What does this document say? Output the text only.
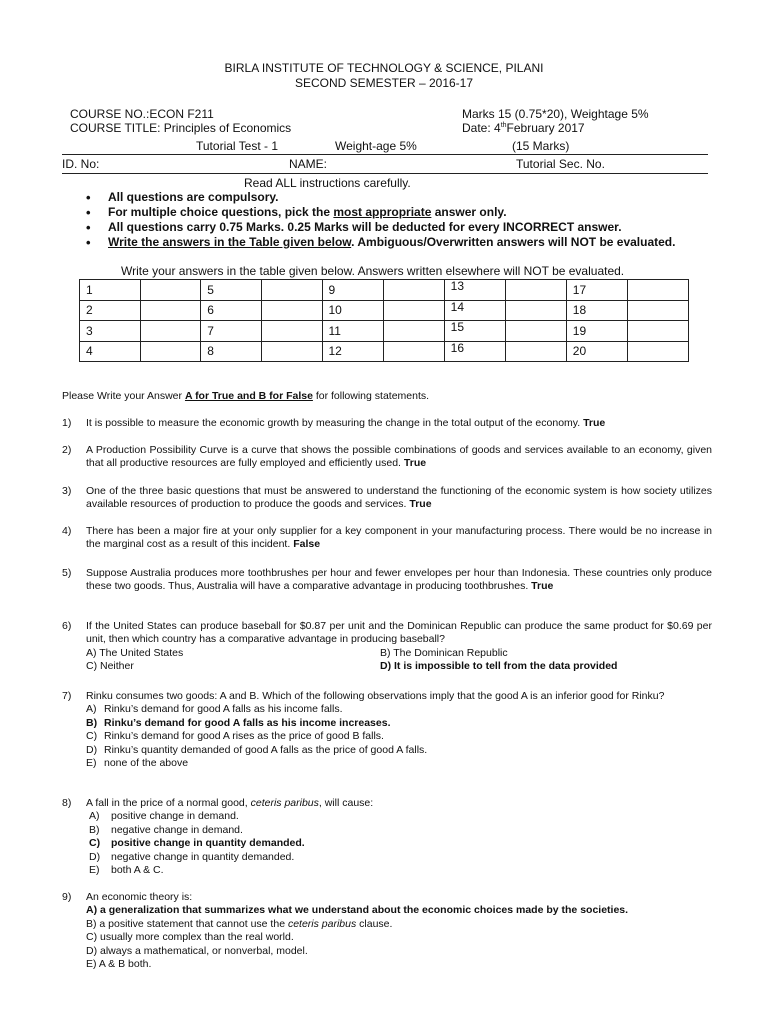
BIRLA INSTITUTE OF TECHNOLOGY & SCIENCE, PILANI
SECOND SEMESTER – 2016-17
COURSE NO.:ECON F211
COURSE TITLE: Principles of Economics
Marks 15 (0.75*20), Weightage 5%
Date: 4thFebruary 2017
Tutorial Test - 1	Weight-age 5%	(15 Marks)
ID. No:	NAME:	Tutorial Sec. No.
Read ALL instructions carefully.
• All questions are compulsory.
• For multiple choice questions, pick the most appropriate answer only.
• All questions carry 0.75 Marks. 0.25 Marks will be deducted for every INCORRECT answer.
• Write the answers in the Table given below. Ambiguous/Overwritten answers will NOT be evaluated.
Write your answers in the table given below. Answers written elsewhere will NOT be evaluated.
1		5		9		13		17	
2		6		10		14		18	
3		7		11		15		19	
4		8		12		16		20	
Please Write your Answer A for True and B for False for following statements.
1) It is possible to measure the economic growth by measuring the change in the total output of the economy. True
2) A Production Possibility Curve is a curve that shows the possible combinations of goods and services available to an economy, given that all productive resources are fully employed and efficiently used. True
3) One of the three basic questions that must be answered to understand the functioning of the economic system is how society utilizes available resources of production to produce the goods and services. True
4) There has been a major fire at your only supplier for a key component in your manufacturing process. There would be no increase in the marginal cost as a result of this incident. False
5) Suppose Australia produces more toothbrushes per hour and fewer envelopes per hour than Indonesia. These countries only produce these two goods. Thus, Australia will have a comparative advantage in producing toothbrushes. True
6) If the United States can produce baseball for $0.87 per unit and the Dominican Republic can produce the same product for $0.69 per unit, then which country has a comparative advantage in producing baseball?
A) The United States	B) The Dominican Republic
C) Neither	D) It is impossible to tell from the data provided
7) Rinku consumes two goods: A and B. Which of the following observations imply that the good A is an inferior good for Rinku?
A) Rinku’s demand for good A falls as his income falls.
B) Rinku’s demand for good A falls as his income increases.
C) Rinku’s demand for good A rises as the price of good B falls.
D) Rinku’s quantity demanded of good A falls as the price of good A falls.
E) none of the above
8) A fall in the price of a normal good, ceteris paribus, will cause:
A) positive change in demand.
B) negative change in demand.
C) positive change in quantity demanded.
D) negative change in quantity demanded.
E) both A & C.
9) An economic theory is:
A) a generalization that summarizes what we understand about the economic choices made by the societies.
B) a positive statement that cannot use the ceteris paribus clause.
C) usually more complex than the real world.
D) always a mathematical, or nonverbal, model.
E) A & B both.
